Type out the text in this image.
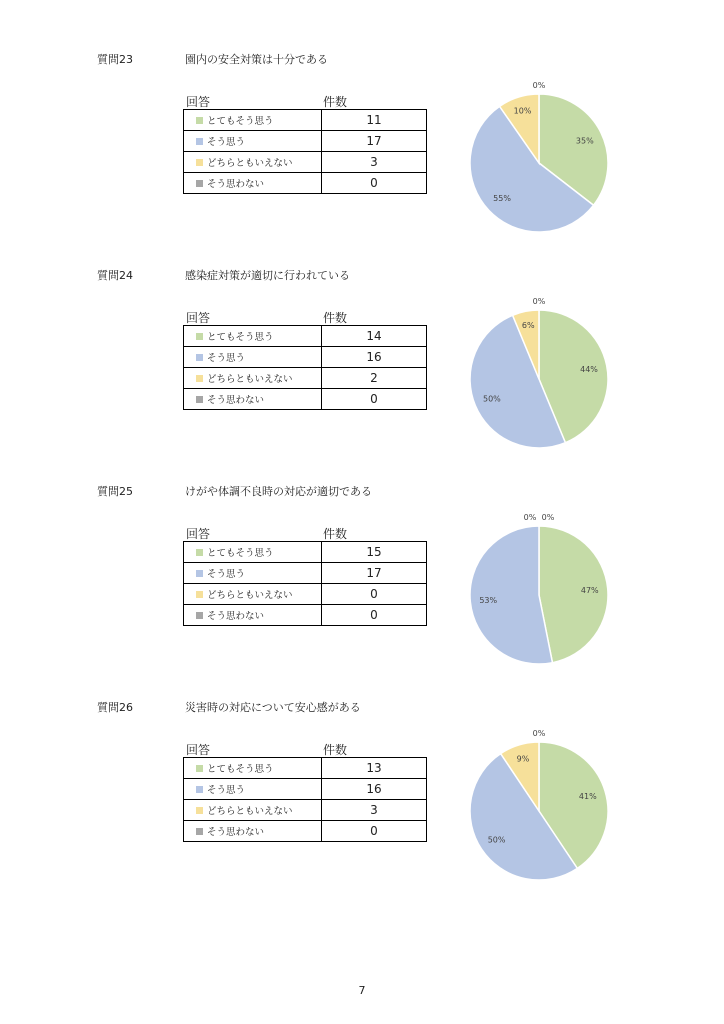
質問23	園内の安全対策は十分である
回答	件数
とてもそう思う	11
そう思う	17
どちらともいえない	3
そう思わない	0
35%
55%
10%
0%
質問24	感染症対策が適切に行われている
回答	件数
とてもそう思う	14
そう思う	16
どちらともいえない	2
そう思わない	0
44%
50%
6%
0%
質問25	けがや体調不良時の対応が適切である
回答	件数
とてもそう思う	15
そう思う	17
どちらともいえない	0
そう思わない	0
47%
53%
0% 0%
質問26	災害時の対応について安心感がある
回答	件数
とてもそう思う	13
そう思う	16
どちらともいえない	3
そう思わない	0
41%
50%
9%
0%
7
